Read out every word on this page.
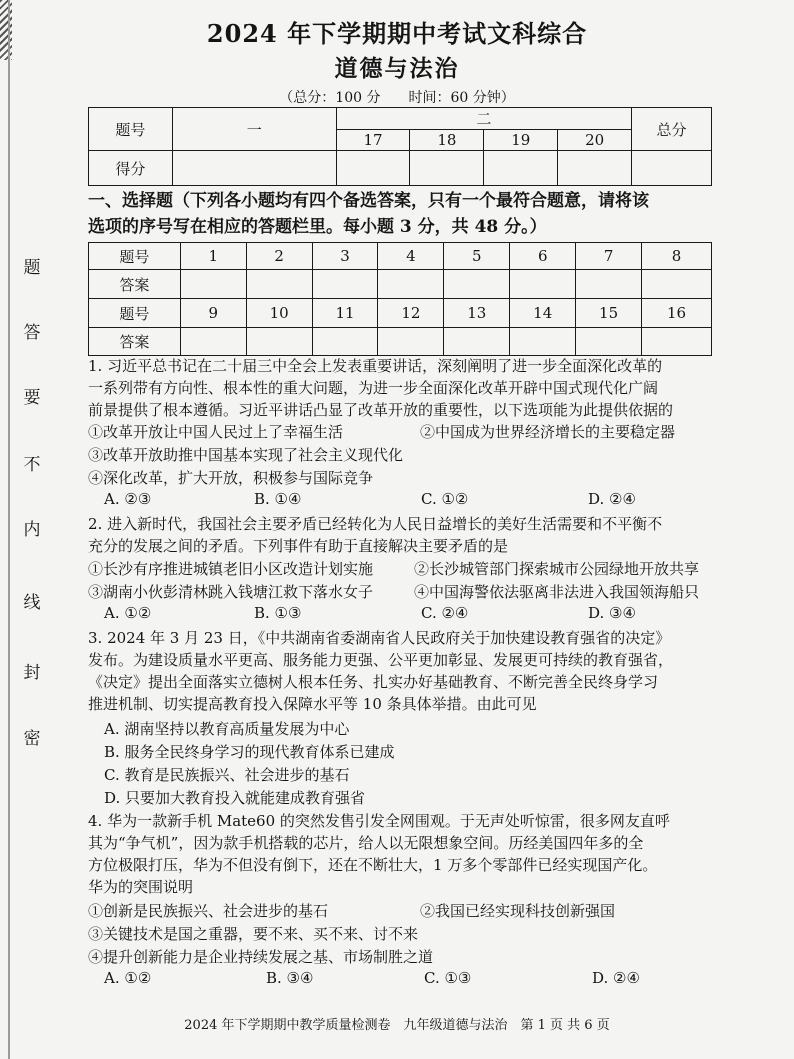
题
答
要
不
内
线
封
密
2024 年下学期期中考试文科综合
道德与法治
（总分：100 分　　时间：60 分钟）
题号	一	二				总分
		17	18	19	20	
得分						
一、选择题（下列各小题均有四个备选答案，只有一个最符合题意，请将该
选项的序号写在相应的答题栏里。每小题 3 分，共 48 分。）
题号	1	2	3	4	5	6	7	8
答案								
题号	9	10	11	12	13	14	15	16
答案								
1. 习近平总书记在二十届三中全会上发表重要讲话，深刻阐明了进一步全面深化改革的
一系列带有方向性、根本性的重大问题，为进一步全面深化改革开辟中国式现代化广阔
前景提供了根本遵循。习近平讲话凸显了改革开放的重要性，以下选项能为此提供依据的
①改革开放让中国人民过上了幸福生活	②中国成为世界经济增长的主要稳定器
③改革开放助推中国基本实现了社会主义现代化
④深化改革，扩大开放，积极参与国际竞争
A. ②③	B. ①④	C. ①②	D. ②④
2. 进入新时代，我国社会主要矛盾已经转化为人民日益增长的美好生活需要和不平衡不
充分的发展之间的矛盾。下列事件有助于直接解决主要矛盾的是
①长沙有序推进城镇老旧小区改造计划实施	②长沙城管部门探索城市公园绿地开放共享
③湖南小伙彭清林跳入钱塘江救下落水女子	④中国海警依法驱离非法进入我国领海船只
A. ①②	B. ①③	C. ②④	D. ③④
3. 2024 年 3 月 23 日，《中共湖南省委湖南省人民政府关于加快建设教育强省的决定》
发布。为建设质量水平更高、服务能力更强、公平更加彰显、发展更可持续的教育强省，
《决定》提出全面落实立德树人根本任务、扎实办好基础教育、不断完善全民终身学习
推进机制、切实提高教育投入保障水平等 10 条具体举措。由此可见
A. 湖南坚持以教育高质量发展为中心
B. 服务全民终身学习的现代教育体系已建成
C. 教育是民族振兴、社会进步的基石
D. 只要加大教育投入就能建成教育强省
4. 华为一款新手机 Mate60 的突然发售引发全网围观。于无声处听惊雷，很多网友直呼
其为“争气机”，因为款手机搭载的芯片，给人以无限想象空间。历经美国四年多的全
方位极限打压，华为不但没有倒下，还在不断壮大，1 万多个零部件已经实现国产化。
华为的突围说明
①创新是民族振兴、社会进步的基石	②我国已经实现科技创新强国
③关键技术是国之重器，要不来、买不来、讨不来
④提升创新能力是企业持续发展之基、市场制胜之道
A. ①②	B. ③④	C. ①③	D. ②④
2024 年下学期期中教学质量检测卷　九年级道德与法治　第 1 页 共 6 页
